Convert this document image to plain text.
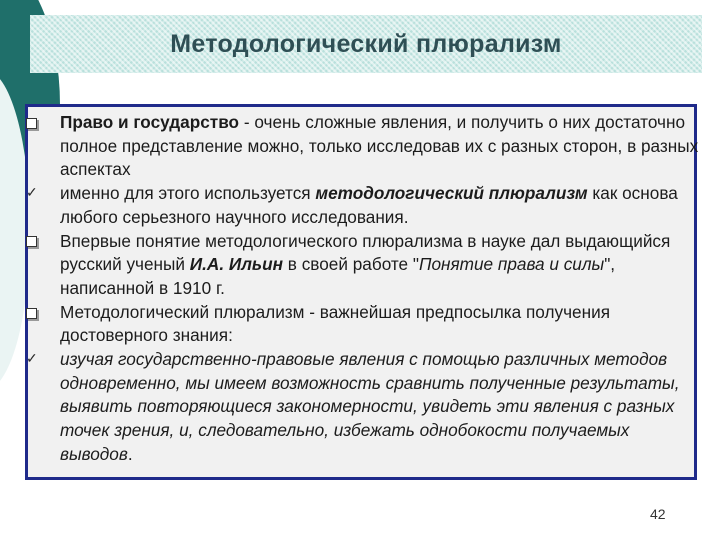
Методологический плюрализм
✓
✓

Право и государство - очень сложные явления, и получить о них достаточно полное представление можно, только исследовав их с разных сторон, в разных аспектах

именно для этого используется методологический плюрализм как основа любого серьезного научного исследования.

Впервые понятие методологического плюрализма в науке дал выдающийся русский ученый И.А. Ильин в своей работе "Понятие права и силы", написанной в 1910 г.

Методологический плюрализм - важнейшая предпосылка получения достоверного знания:

изучая государственно-правовые явления с помощью различных методов одновременно, мы имеем возможность сравнить полученные результаты, выявить повторяющиеся закономерности, увидеть эти явления с разных точек зрения, и, следовательно, избежать однобокости получаемых выводов.

42
